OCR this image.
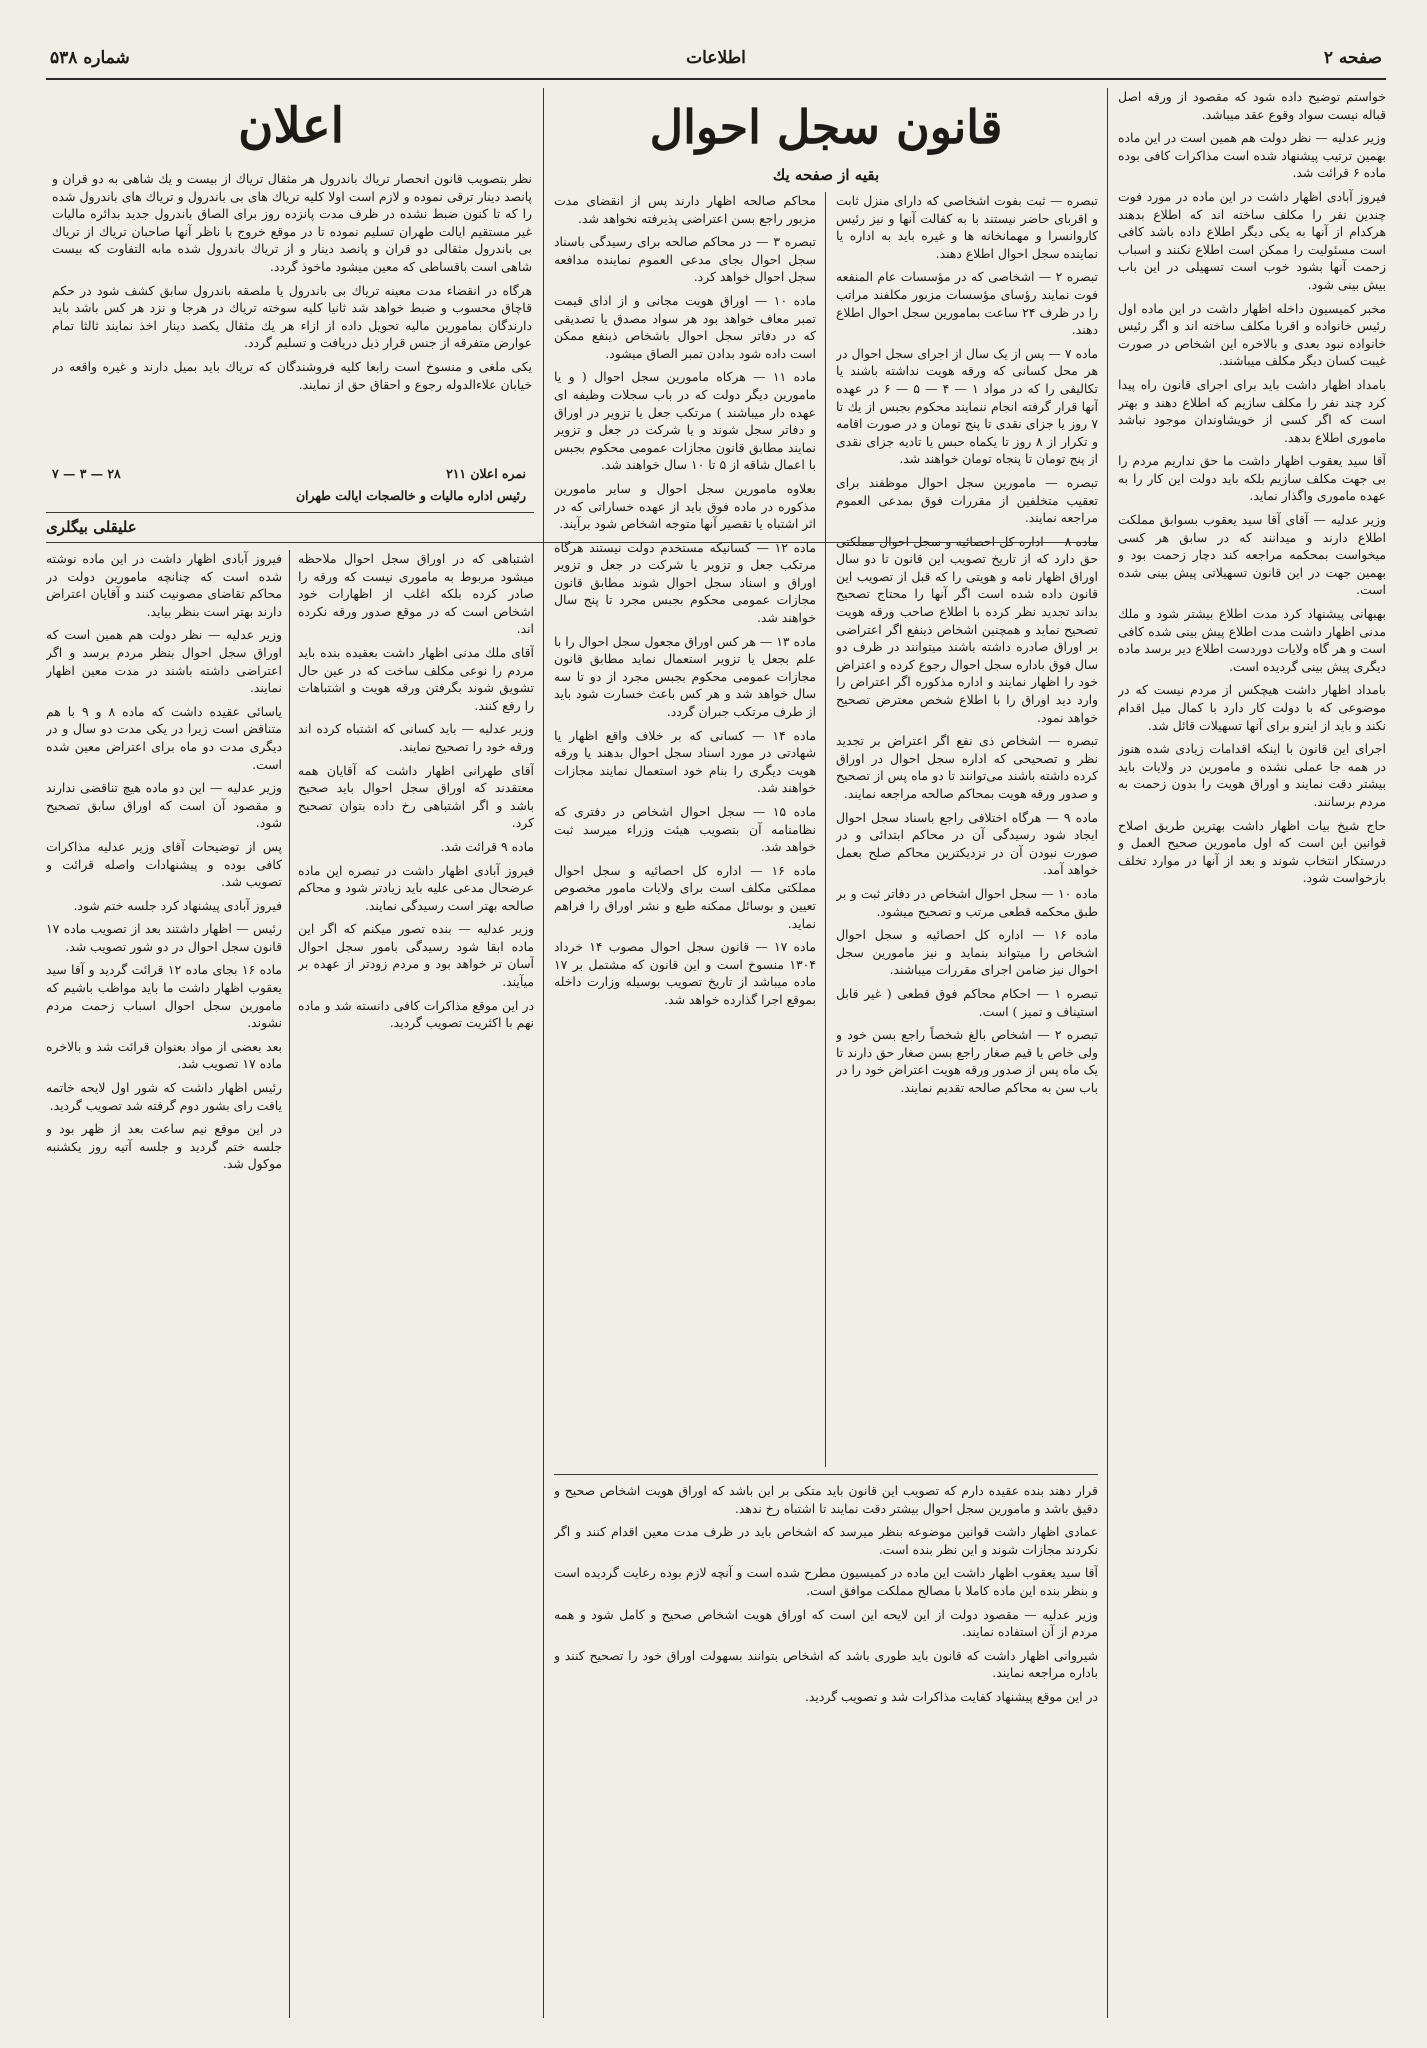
صفحه ۲
اطلاعات
شماره ۵۳۸

خواستم توضیح داده شود که مقصود از ورقه اصل قباله نیست سواد وقوع عقد میباشد.

وزیر عدلیه — نظر دولت هم همین است در این ماده بهمین ترتیب پیشنهاد شده است مذاکرات کافی بوده ماده ۶ قرائت شد.

فیروز آبادی اظهار داشت در این ماده در مورد فوت چندین نفر را مکلف ساخته اند که اطلاع بدهند هرکدام از آنها به یکی دیگر اطلاع داده باشد کافی است مسئولیت را ممکن است اطلاع نکنند و اسباب زحمت آنها بشود خوب است تسهیلی در این باب بیش بینی شود.

مخبر کمیسیون داخله اظهار داشت در این ماده اول رئیس خانواده و اقربا مکلف ساخته اند و اگر رئیس خانواده نبود بعدی و بالاخره این اشخاص در صورت غیبت کسان دیگر مکلف میباشند.

بامداد اظهار داشت باید برای اجرای قانون راه پیدا کرد چند نفر را مکلف سازیم که اطلاع دهند و بهتر است که اگر کسی از خویشاوندان موجود نباشد ماموری اطلاع بدهد.

آقا سید یعقوب اظهار داشت ما حق نداریم مردم را بی جهت مکلف سازیم بلکه باید دولت این کار را به عهده ماموری واگذار نماید.

وزیر عدلیه — آقای آقا سید یعقوب بسوابق مملکت اطلاع دارند و میدانند که در سابق هر کسی میخواست بمحکمه مراجعه کند دچار زحمت بود و بهمین جهت در این قانون تسهیلاتی پیش بینی شده است.

بهبهانی پیشنهاد کرد مدت اطلاع بیشتر شود و ملك مدنی اظهار داشت مدت اطلاع پیش بینی شده کافی است و هر گاه ولایات دوردست اطلاع دیر برسد ماده دیگری پیش بینی گردیده است.

بامداد اظهار داشت هیچکس از مردم نیست که در موضوعی که با دولت کار دارد با کمال میل اقدام نکند و باید از اینرو برای آنها تسهیلات قائل شد.

اجرای این قانون با اینکه اقدامات زیادی شده هنوز در همه جا عملی نشده و مامورین در ولایات باید بیشتر دقت نمایند و اوراق هویت را بدون زحمت به مردم برسانند.

حاج شیخ بیات اظهار داشت بهترین طریق اصلاح قوانین این است که اول مامورین صحیح العمل و درستکار انتخاب شوند و بعد از آنها در موارد تخلف بازخواست شود.

قانون سجل احوال
بقیه از صفحه یك

تبصره — ثبت بفوت اشخاصی که دارای منزل ثابت و اقربای حاضر نیستند با به کفالت آنها و نیز رئیس کاروانسرا و مهمانخانه ها و غیره باید به اداره یا نماینده سجل احوال اطلاع دهند.

تبصره ۲ — اشخاصی که در مؤسسات عام المنفعه فوت نمایند رؤسای مؤسسات مزبور مکلفند مراتب را در ظرف ۲۴ ساعت بمامورین سجل احوال اطلاع دهند.

ماده ۷ — پس از یک سال از اجرای سجل احوال در هر محل کسانی که ورقه هویت نداشته باشند یا تکالیفی را که در مواد ۱ — ۴ — ۵ — ۶ در عهده آنها قرار گرفته انجام ننمایند محکوم بجبس از یك تا ۷ روز یا جزای نقدی تا پنج تومان و در صورت اقامه و تکرار از ۸ روز تا یکماه حبس یا تادیه جزای نقدی از پنج تومان تا پنجاه تومان خواهند شد.

تبصره — مامورین سجل احوال موظفند برای تعقیب متخلفین از مقررات فوق بمدعی العموم مراجعه نمایند.

ماده ۸ — اداره کل احصائیه و سجل احوال مملکتی حق دارد که از تاریخ تصویب این قانون تا دو سال اوراق اظهار نامه و هویتی را که قبل از تصویب این قانون داده شده است اگر آنها را محتاج تصحیح بداند تجدید نظر کرده با اطلاع صاحب ورقه هویت تصحیح نماید و همچنین اشخاص ذینفع اگر اعتراضی بر اوراق صادره داشته باشند میتوانند در ظرف دو سال فوق باداره سجل احوال رجوع کرده و اعتراض خود را اظهار نمایند و اداره مذکوره اگر اعتراض را وارد دید اوراق را با اطلاع شخص معترض تصحیح خواهد نمود.

تبصره — اشخاص ذی نفع اگر اعتراض بر تجدید نظر و تصحیحی که اداره سجل احوال در اوراق کرده داشته باشند می‌توانند تا دو ماه پس از تصحیح و صدور ورقه هویت بمحاکم صالحه مراجعه نمایند.

ماده ۹ — هرگاه اختلافی راجع باسناد سجل احوال ایجاد شود رسیدگی آن در محاکم ابتدائی و در صورت نبودن آن در نزدیکترین محاکم صلح بعمل خواهد آمد.

ماده ۱۰ — سجل احوال اشخاص در دفاتر ثبت و بر طبق محکمه قطعی مرتب و تصحیح میشود.

ماده ۱۶ — اداره کل احصائیه و سجل احوال اشخاص را میتواند بنماید و نیز مامورین سجل احوال نیز ضامن اجرای مقررات میباشند.

تبصره ۱ — احکام محاکم فوق قطعی ( غیر قابل استیناف و تمیز ) است.

تبصره ۲ — اشخاص بالغ شخصاً راجع بسن خود و ولی خاص یا قیم صغار راجع بسن صغار حق دارند تا یک ماه پس از صدور ورقه هویت اعتراض خود را در باب سن به محاکم صالحه تقدیم نمایند.

محاکم صالحه اظهار دارند پس از انقضای مدت مزبور راجع بسن اعتراضی پذیرفته نخواهد شد.

تبصره ۳ — در محاکم صالحه برای رسیدگی باسناد سجل احوال بجای مدعی العموم نماینده مدافعه سجل احوال خواهد کرد.

ماده ۱۰ — اوراق هویت مجانی و از ادای قیمت تمبر معاف خواهد بود هر سواد مصدق یا تصدیقی که در دفاتر سجل احوال باشخاص ذینفع ممکن است داده شود بدادن تمبر الصاق میشود.

ماده ۱۱ — هرکاه مامورین سجل احوال ( و یا مامورین دیگر دولت که در باب سجلات وظیفه ای عهده دار میباشند ) مرتکب جعل یا تزویر در اوراق و دفاتر سجل شوند و یا شرکت در جعل و تزویر نمایند مطابق قانون مجازات عمومی محکوم بجبس با اعمال شاقه از ۵ تا ۱۰ سال خواهند شد.

بعلاوه مامورین سجل احوال و سایر مامورین مذکوره در ماده فوق باید از عهده خساراتی که در اثر اشتباه یا تقصیر آنها متوجه اشخاص شود برآیند.

ماده ۱۲ — کسانیکه مستخدم دولت نیستند هرگاه مرتکب جعل و تزویر یا شرکت در جعل و تزویر اوراق و اسناد سجل احوال شوند مطابق قانون مجازات عمومی محکوم بجبس مجرد تا پنج سال خواهند شد.

ماده ۱۳ — هر کس اوراق مجعول سجل احوال را با علم بجعل یا تزویر استعمال نماید مطابق قانون مجازات عمومی محکوم بجبس مجرد از دو تا سه سال خواهد شد و هر کس باعث خسارت شود باید از طرف مرتکب جبران گردد.

ماده ۱۴ — کسانی که بر خلاف واقع اظهار یا شهادتی در مورد اسناد سجل احوال بدهند یا ورقه هویت دیگری را بنام خود استعمال نمایند مجازات خواهند شد.

ماده ۱۵ — سجل احوال اشخاص در دفتری که نظامنامه آن بتصویب هیئت وزراء میرسد ثبت خواهد شد.

ماده ۱۶ — اداره کل احصائیه و سجل احوال مملکتی مکلف است برای ولایات مامور مخصوص تعیین و بوسائل ممکنه طبع و نشر اوراق را فراهم نماید.

ماده ۱۷ — قانون سجل احوال مصوب ۱۴ خرداد ۱۳۰۴ منسوخ است و این قانون که مشتمل بر ۱۷ ماده میباشد از تاریخ تصویب بوسیله وزارت داخله بموقع اجرا گذارده خواهد شد.

اعلان

نظر بتصویب قانون انحصار تریاك باندرول هر مثقال تریاك از بیست و یك شاهی به دو قران و پانصد دینار ترقی نموده و لازم است اولا کلیه تریاك های بی باندرول و تریاك های باندرول شده را که تا کنون ضبط نشده در ظرف مدت پانزده روز برای الصاق باندرول جدید بدائره مالیات غیر مستقیم ایالت طهران تسلیم نموده تا در موقع خروج با ناظر آنها صاحبان تریاك از تریاك بی باندرول مثقالی دو قران و پانصد دینار و از تریاك باندرول شده مابه التفاوت که بیست شاهی است باقساطی که معین میشود ماخوذ گردد.

هرگاه در انقضاء مدت معینه تریاك بی باندرول یا ملصقه باندرول سابق کشف شود در حکم قاچاق محسوب و ضبط خواهد شد ثانیا کلیه سوخته تریاك در هرجا و نزد هر کس باشد باید دارندگان بمامورین مالیه تحویل داده از ازاء هر یك مثقال یکصد دینار اخذ نمایند ثالثا تمام عوارض متفرقه از جنس قرار ذیل دریافت و تسلیم گردد.

یکی ملغی و منسوخ است رابعا کلیه فروشندگان که تریاك باید بمیل دارند و غیره واقعه در خیابان علاءالدوله رجوع و احقاق حق از نمایند.

۲۸ — ۳ — ۷
رئیس اداره مالیات و خالصجات ایالت طهران
نمره اعلان ۲۱۱
علیقلی بیگلری

اشتباهی که در اوراق سجل احوال ملاحظه میشود مربوط به ماموری نیست که ورقه را صادر کرده بلکه اغلب از اظهارات خود اشخاص است که در موقع صدور ورقه نکرده اند.

آقای ملك مدنی اظهار داشت بعقیده بنده باید مردم را نوعی مکلف ساخت که در عین حال تشویق شوند بگرفتن ورقه هویت و اشتباهات را رفع کنند.

وزیر عدلیه — باید کسانی که اشتباه کرده اند ورقه خود را تصحیح نمایند.

آقای طهرانی اظهار داشت که آقایان همه معتقدند که اوراق سجل احوال باید صحیح باشد و اگر اشتباهی رخ داده بتوان تصحیح کرد.

ماده ۹ قرائت شد.

فیروز آبادی اظهار داشت در تبصره این ماده عرضحال مدعی علیه باید زیادتر شود و محاکم صالحه بهتر است رسیدگی نمایند.

وزیر عدلیه — بنده تصور میکنم که اگر این ماده ابقا شود رسیدگی بامور سجل احوال آسان تر خواهد بود و مردم زودتر از عهده بر میآیند.

در این موقع مذاکرات کافی دانسته شد و ماده نهم با اکثریت تصویب گردید.

فیروز آبادی اظهار داشت در این ماده نوشته شده است که چنانچه مامورین دولت در محاکم تقاضای مصونیت کنند و آقایان اعتراض دارند بهتر است بنظر بیاید.

وزیر عدلیه — نظر دولت هم همین است که اوراق سجل احوال بنظر مردم برسد و اگر اعتراضی داشته باشند در مدت معین اظهار نمایند.

یاسائی عقیده داشت که ماده ۸ و ۹ با هم متناقض است زیرا در یکی مدت دو سال و در دیگری مدت دو ماه برای اعتراض معین شده است.

وزیر عدلیه — این دو ماده هیچ تناقضی ندارند و مقصود آن است که اوراق سابق تصحیح شود.

پس از توضیحات آقای وزیر عدلیه مذاکرات کافی بوده و پیشنهادات واصله قرائت و تصویب شد.

فیروز آبادی پیشنهاد کرد جلسه ختم شود.

رئیس — اظهار داشتند بعد از تصویب ماده ۱۷ قانون سجل احوال در دو شور تصویب شد.

ماده ۱۶ بجای ماده ۱۲ قرائت گردید و آقا سید یعقوب اظهار داشت ما باید مواظب باشیم که مامورین سجل احوال اسباب زحمت مردم نشوند.

بعد بعضی از مواد بعنوان قرائت شد و بالاخره ماده ۱۷ تصویب شد.

رئیس اظهار داشت که شور اول لایحه خاتمه یافت رای بشور دوم گرفته شد تصویب گردید.

در این موقع نیم ساعت بعد از ظهر بود و جلسه ختم گردید و جلسه آتیه روز یکشنبه موکول شد.

قرار دهند بنده عقیده دارم که تصویب این قانون باید متکی بر این باشد که اوراق هویت اشخاص صحیح و دقیق باشد و مامورین سجل احوال بیشتر دقت نمایند تا اشتباه رخ ندهد.

عمادی اظهار داشت قوانین موضوعه بنظر میرسد که اشخاص باید در ظرف مدت معین اقدام کنند و اگر نکردند مجازات شوند و این نظر بنده است.

آقا سید یعقوب اظهار داشت این ماده در کمیسیون مطرح شده است و آنچه لازم بوده رعایت گردیده است و بنظر بنده این ماده کاملا با مصالح مملکت موافق است.

وزیر عدلیه — مقصود دولت از این لایحه این است که اوراق هویت اشخاص صحیح و کامل شود و همه مردم از آن استفاده نمایند.

شیروانی اظهار داشت که قانون باید طوری باشد که اشخاص بتوانند بسهولت اوراق خود را تصحیح کنند و باداره مراجعه نمایند.

در این موقع پیشنهاد کفایت مذاکرات شد و تصویب گردید.
